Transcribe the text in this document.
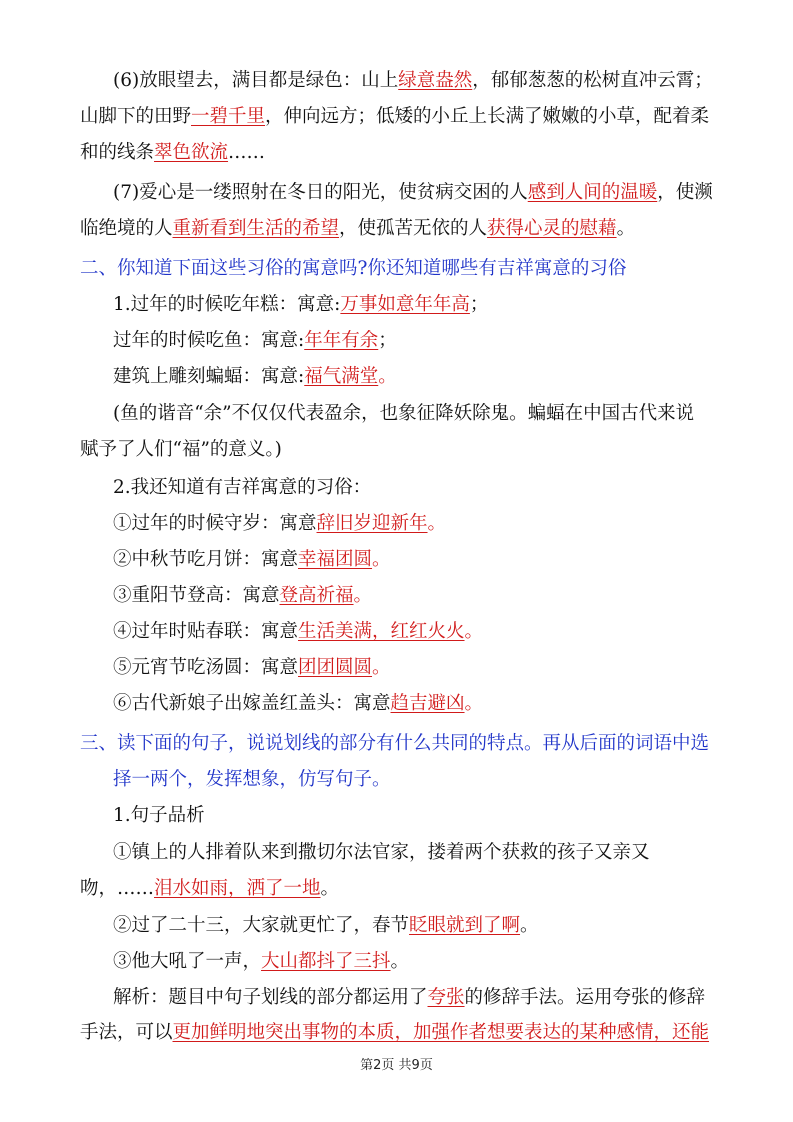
(6)放眼望去，满目都是绿色：山上绿意盎然，郁郁葱葱的松树直冲云霄；
山脚下的田野一碧千里，伸向远方；低矮的小丘上长满了嫩嫩的小草，配着柔
和的线条翠色欲流……
(7)爱心是一缕照射在冬日的阳光，使贫病交困的人感到人间的温暖，使濒
临绝境的人重新看到生活的希望，使孤苦无依的人获得心灵的慰藉。
二、你知道下面这些习俗的寓意吗?你还知道哪些有吉祥寓意的习俗
1.过年的时候吃年糕：寓意:万事如意年年高；
过年的时候吃鱼：寓意:年年有余；
建筑上雕刻蝙蝠：寓意:福气满堂。
(鱼的谐音“余”不仅仅代表盈余，也象征降妖除鬼。蝙蝠在中国古代来说
赋予了人们“福”的意义。)
2.我还知道有吉祥寓意的习俗：
①过年的时候守岁：寓意辞旧岁迎新年。
②中秋节吃月饼：寓意幸福团圆。
③重阳节登高：寓意登高祈福。
④过年时贴春联：寓意生活美满，红红火火。
⑤元宵节吃汤圆：寓意团团圆圆。
⑥古代新娘子出嫁盖红盖头：寓意趋吉避凶。
三、读下面的句子，说说划线的部分有什么共同的特点。再从后面的词语中选
择一两个，发挥想象，仿写句子。
1.句子品析
①镇上的人排着队来到撒切尔法官家，搂着两个获救的孩子又亲又
吻，……泪水如雨，洒了一地。
②过了二十三，大家就更忙了，春节眨眼就到了啊。
③他大吼了一声，大山都抖了三抖。
解析：题目中句子划线的部分都运用了夸张的修辞手法。运用夸张的修辞
手法，可以更加鲜明地突出事物的本质，加强作者想要表达的某种感情，还能
第2页 共9页
